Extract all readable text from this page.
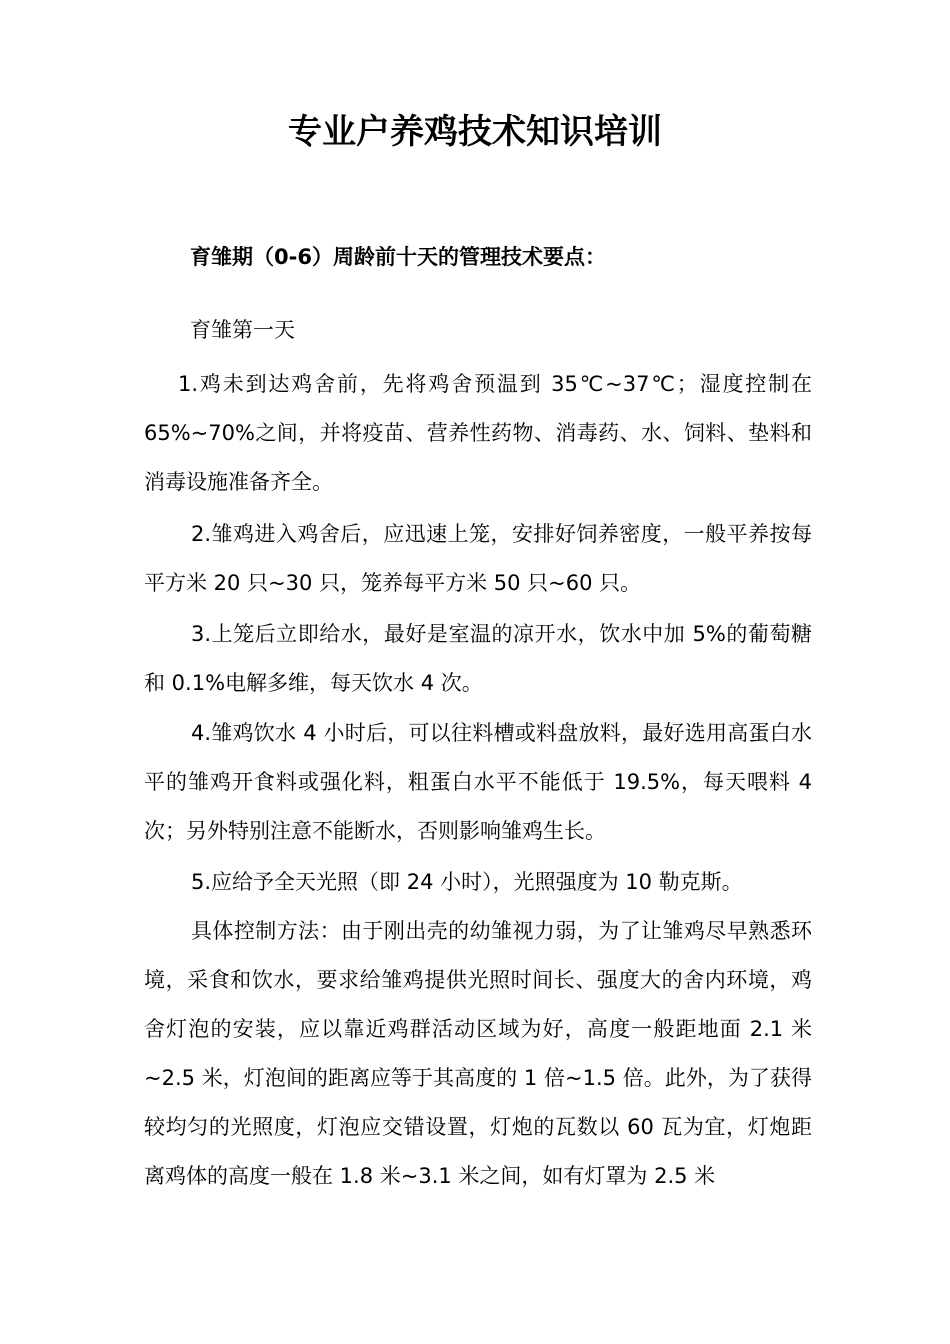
专业户养鸡技术知识培训
育雏期（0-6）周龄前十天的管理技术要点：
育雏第一天
1.鸡未到达鸡舍前，先将鸡舍预温到 35℃~37℃；湿度控制在 65%~70%之间，并将疫苗、营养性药物、消毒药、水、饲料、垫料和消毒设施准备齐全。
2.雏鸡进入鸡舍后，应迅速上笼，安排好饲养密度，一般平养按每平方米 20 只~30 只，笼养每平方米 50 只~60 只。
3.上笼后立即给水，最好是室温的凉开水，饮水中加 5%的葡萄糖和 0.1%电解多维，每天饮水 4 次。
4.雏鸡饮水 4 小时后，可以往料槽或料盘放料，最好选用高蛋白水平的雏鸡开食料或强化料，粗蛋白水平不能低于 19.5%，每天喂料 4 次；另外特别注意不能断水，否则影响雏鸡生长。
5.应给予全天光照（即 24 小时），光照强度为 10 勒克斯。
具体控制方法：由于刚出壳的幼雏视力弱，为了让雏鸡尽早熟悉环境，采食和饮水，要求给雏鸡提供光照时间长、强度大的舍内环境，鸡舍灯泡的安装，应以靠近鸡群活动区域为好，高度一般距地面 2.1 米~2.5 米，灯泡间的距离应等于其高度的 1 倍~1.5 倍。此外，为了获得较均匀的光照度，灯泡应交错设置，灯炮的瓦数以 60 瓦为宜，灯炮距离鸡体的高度一般在 1.8 米~3.1 米之间，如有灯罩为 2.5 米
